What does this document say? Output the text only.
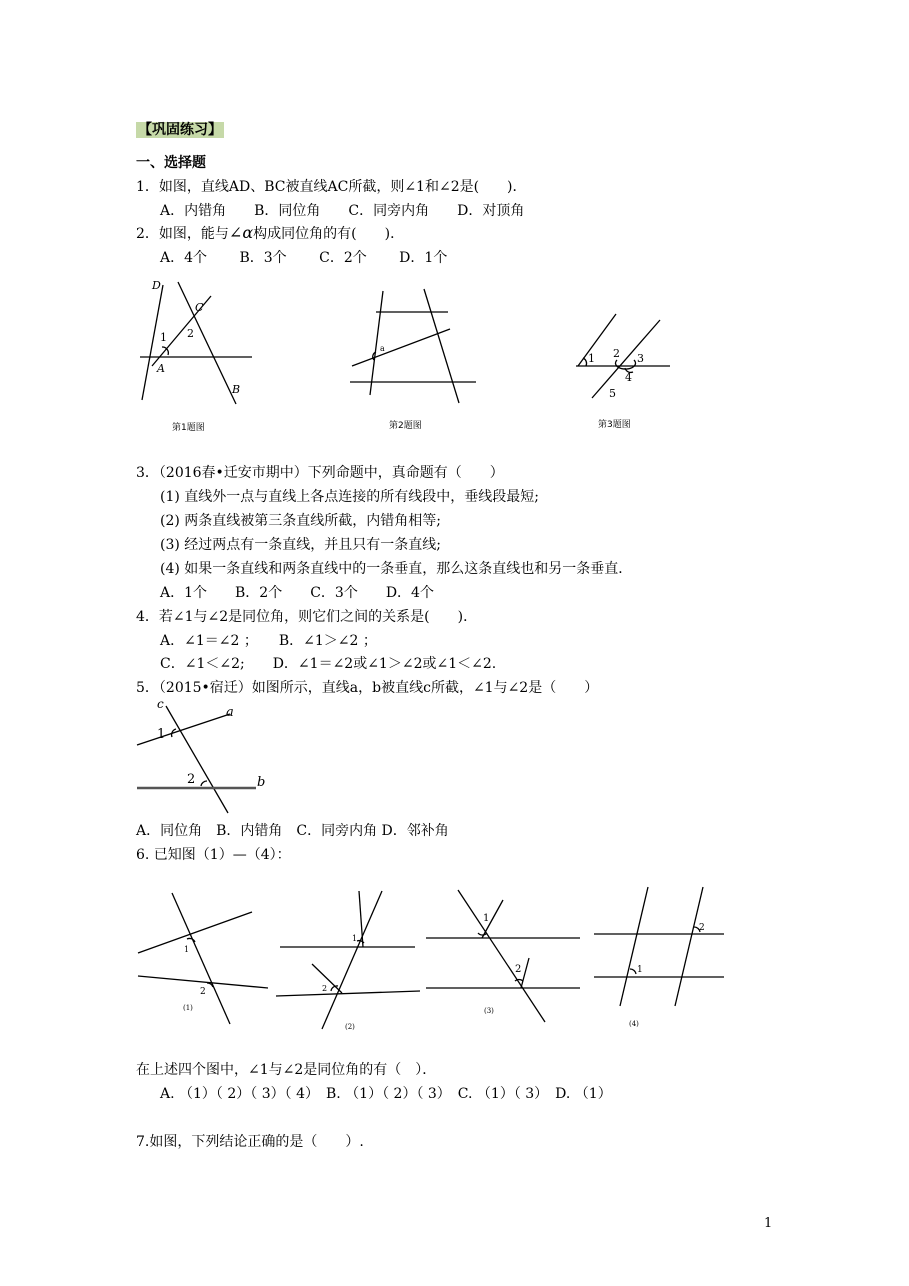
【巩固练习】
一、选择题
1．如图，直线AD、BC被直线AC所截，则∠1和∠2是(　　)．
A．内错角　　B．同位角　　C．同旁内角　　D．对顶角
2．如图，能与∠α构成同位角的有(　　)．
A．4个　　 B．3个　　 C．2个　　 D．1个
3．（2016春•迁安市期中）下列命题中，真命题有（　　）
(1) 直线外一点与直线上各点连接的所有线段中，垂线段最短;
(2) 两条直线被第三条直线所截，内错角相等;
(3) 经过两点有一条直线，并且只有一条直线;
(4) 如果一条直线和两条直线中的一条垂直，那么这条直线也和另一条垂直．
A．1个　　B．2个　　C．3个　　D．4个
4．若∠1与∠2是同位角，则它们之间的关系是(　　)．
A．∠1＝∠2 ；　　B．∠1＞∠2 ；
C．∠1＜∠2;　　D．∠1＝∠2或∠1＞∠2或∠1＜∠2.
5．（2015•宿迁）如图所示，直线a，b被直线c所截，∠1与∠2是（　　）
A．同位角　B．内错角　C．同旁内角 D．邻补角
6. 已知图（1）—（4）：
在上述四个图中，∠1与∠2是同位角的有（　）．
A. （1）（ 2）（ 3）（ 4）　B. （1）（ 2）（ 3）　C. （1）（ 3）　D. （1）
7.如图，下列结论正确的是（　　）.
1
D
C
1 2
A
B
a
1 2 3
4
5
c
a
1
2	b
1
2
1
2
1
2
2
1
第1题图	第2题图	第3题图
(1)
(2)
(3)
(4)
